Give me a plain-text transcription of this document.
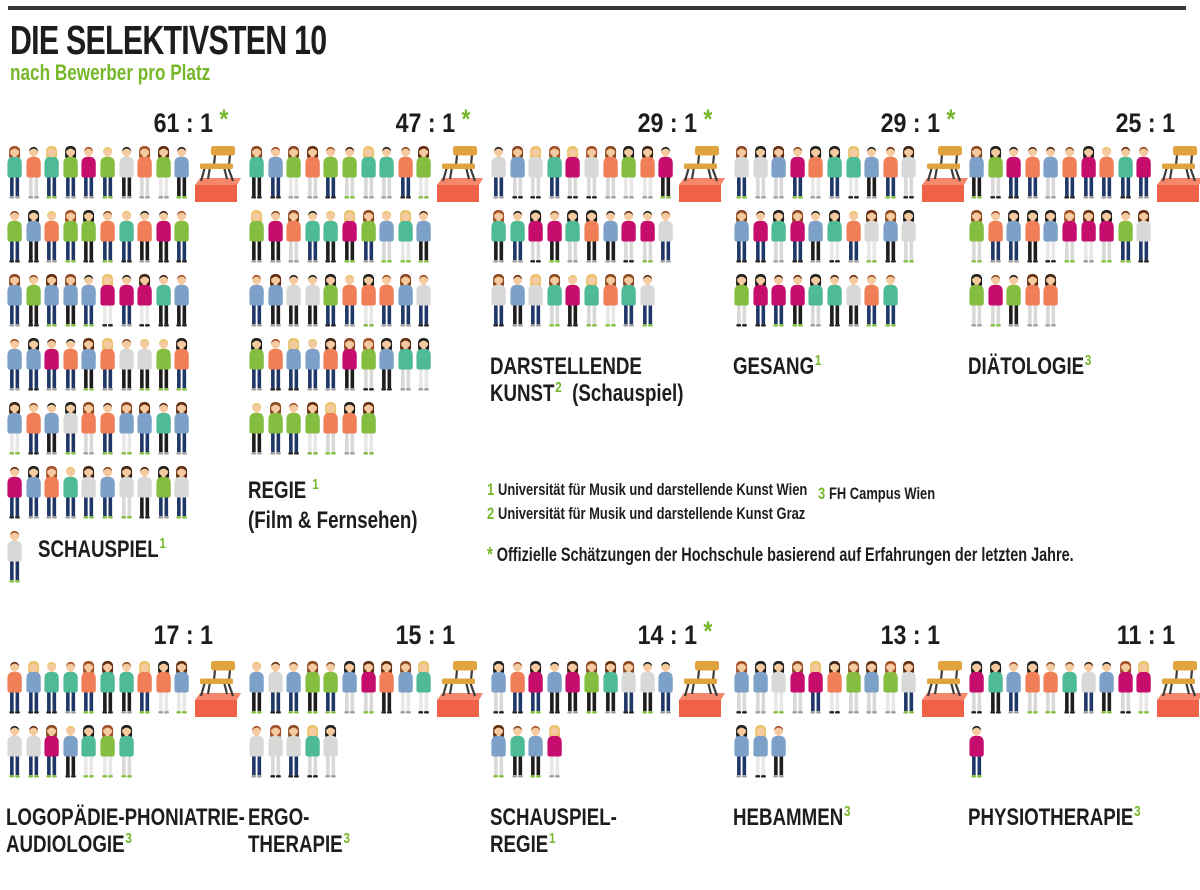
DIE SELEKTIVSTEN 10
nach Bewerber pro Platz
61 : 1 *
SCHAUSPIEL$^1$
47 : 1 *
REGIE $^1$
(Film & Fernsehen)
29 : 1 *
DARSTELLENDE
KUNST$^2$  (Schauspiel)
29 : 1 *
GESANG$^1$
25 : 1
DIÄTOLOGIE$^3$
17 : 1
LOGOPÄDIE-PHONIATRIE-
AUDIOLOGIE$^3$
15 : 1
ERGO-
THERAPIE$^3$
14 : 1 *
SCHAUSPIEL-
REGIE$^1$
13 : 1
HEBAMMEN$^3$
11 : 1
PHYSIOTHERAPIE$^3$
1 Universität für Musik und darstellende Kunst Wien
2 Universität für Musik und darstellende Kunst Graz
3 FH Campus Wien
* Offizielle Schätzungen der Hochschule basierend auf Erfahrungen der letzten Jahre.
